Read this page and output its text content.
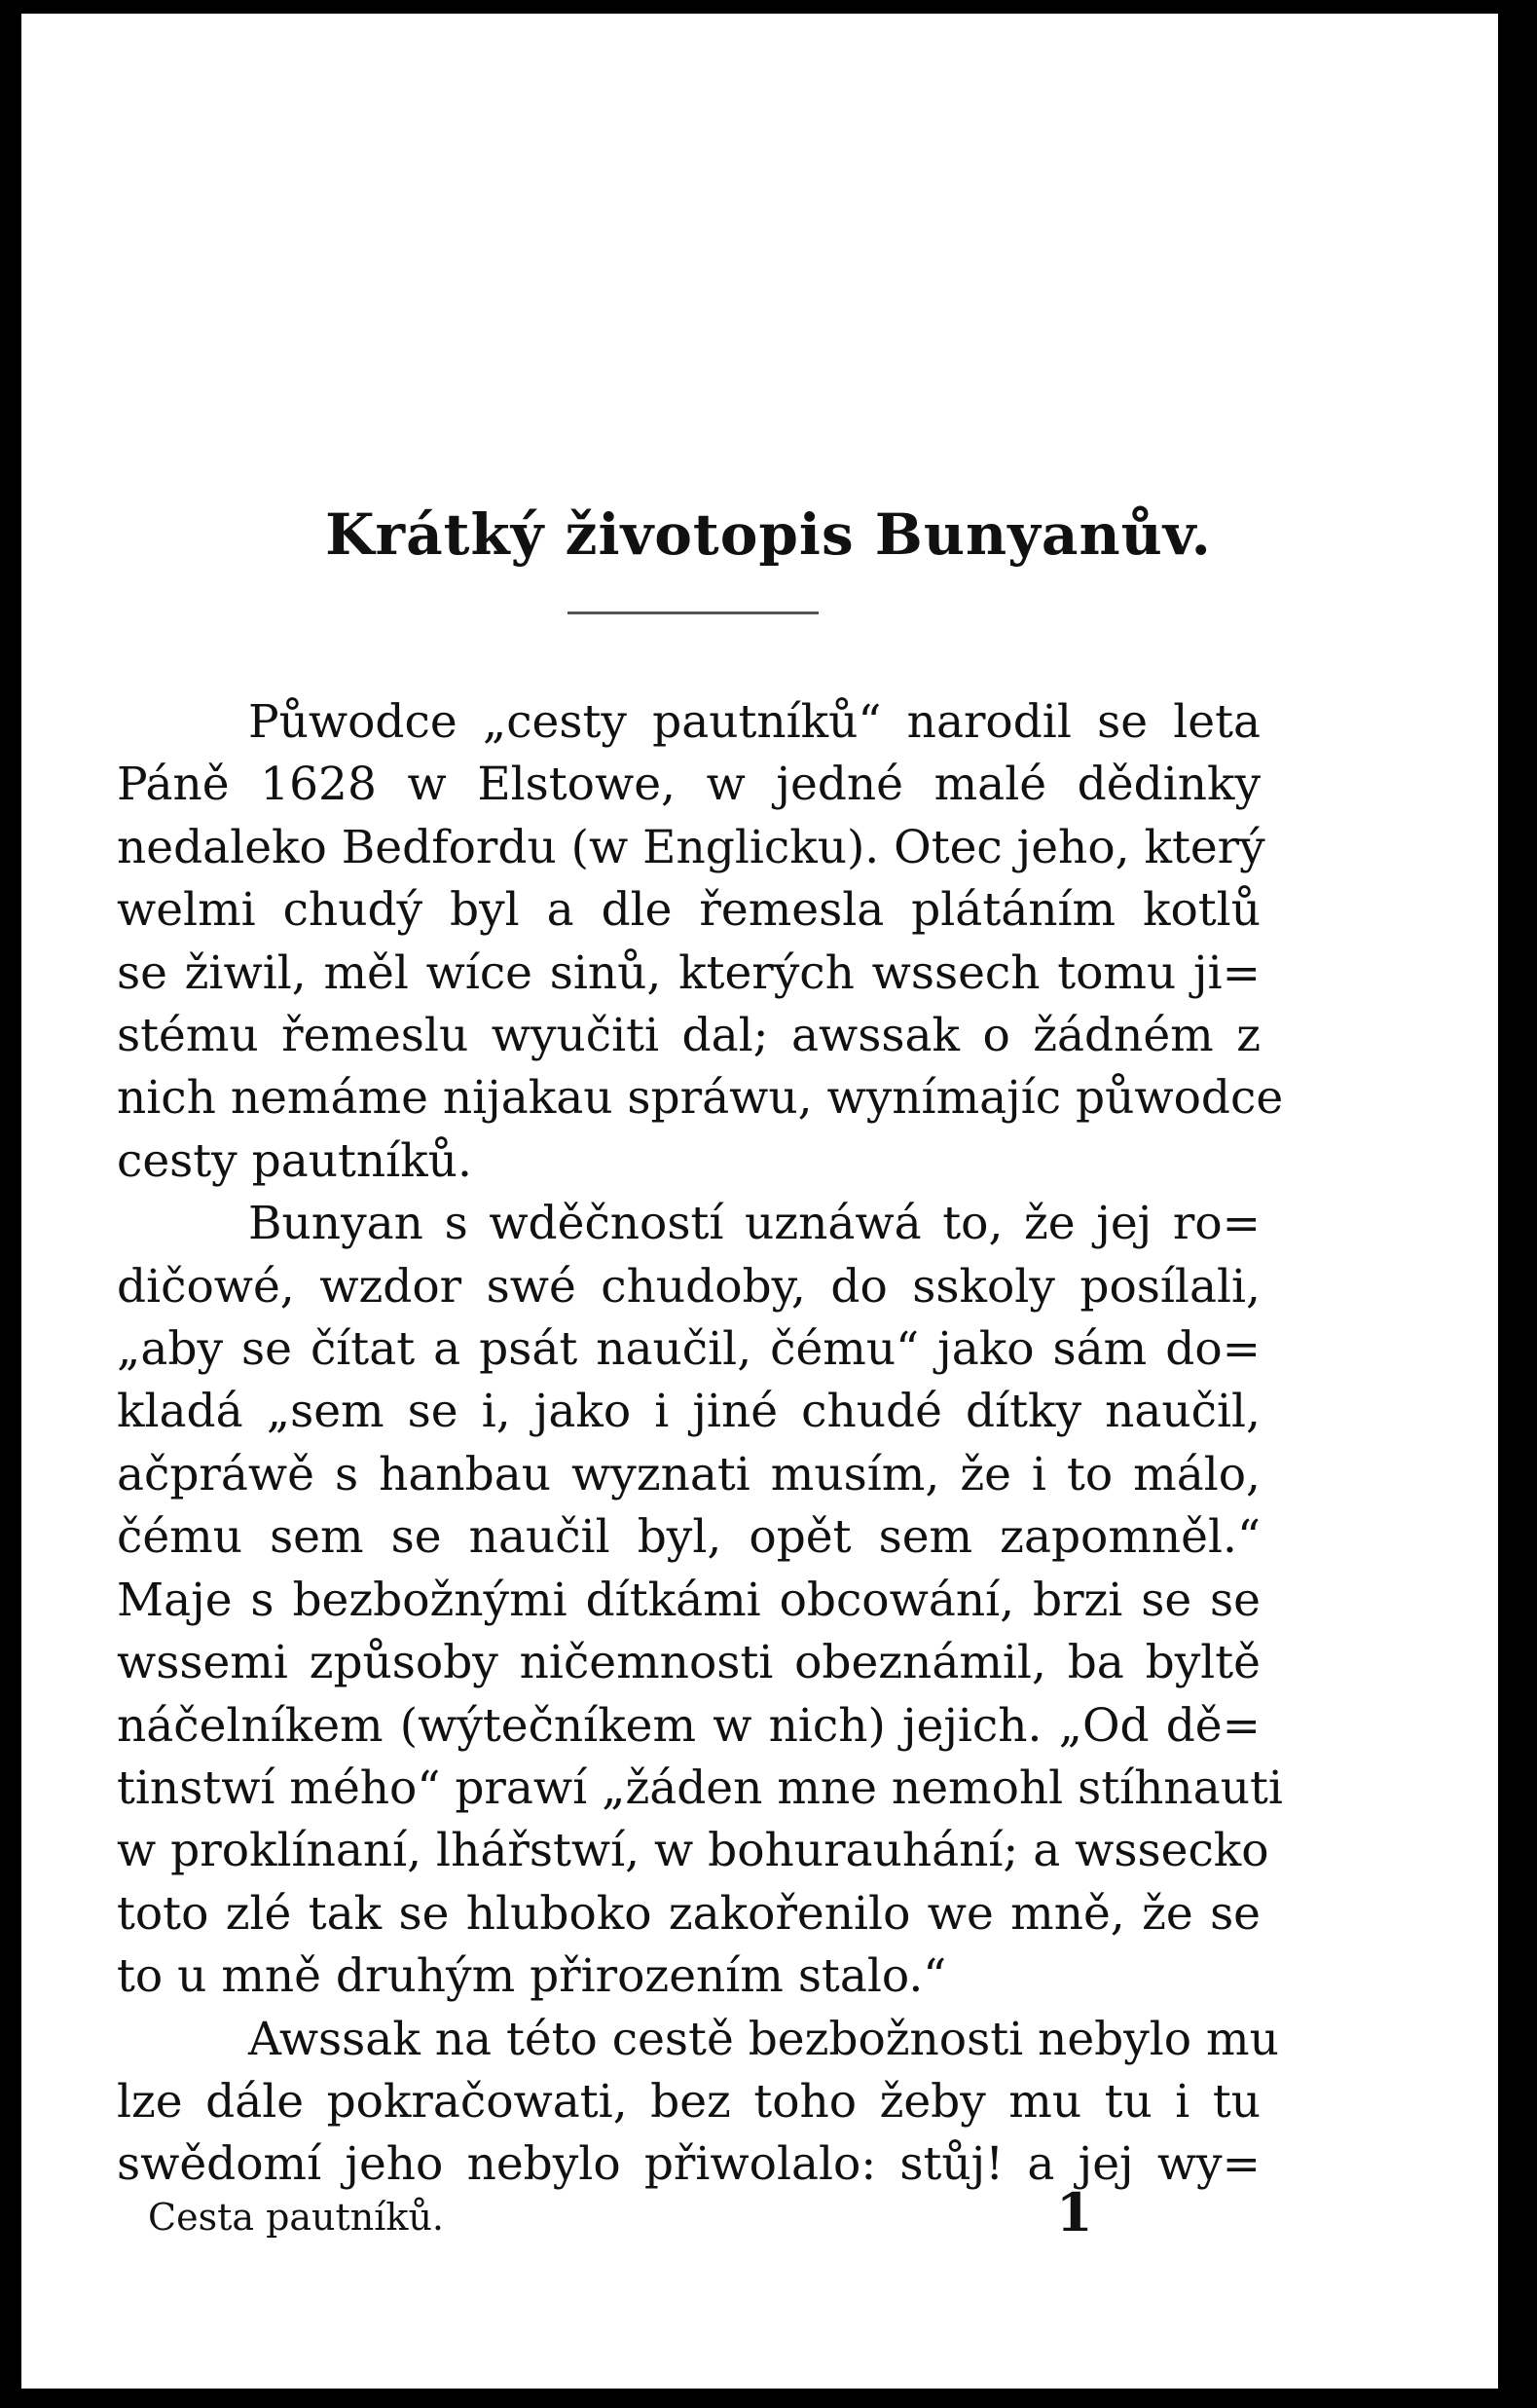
Krátký životopis Bunyanův.
Půwodce „cesty pautníků“ narodil se leta
Páně 1628 w Elstowe, w jedné malé dědinky
nedaleko Bedfordu (w Englicku). Otec jeho, který
welmi chudý byl a dle řemesla plátáním kotlů
se žiwil, měl wíce sinů, kterých wssech tomu ji=
stému řemeslu wyučiti dal; awssak o žádném z
nich nemáme nijakau spráwu, wynímajíc půwodce
cesty pautníků.
Bunyan s wděčností uznáwá to, že jej ro=
dičowé, wzdor swé chudoby, do sskoly posílali,
„aby se čítat a psát naučil, čému“ jako sám do=
kladá „sem se i, jako i jiné chudé dítky naučil,
ačpráwě s hanbau wyznati musím, že i to málo,
čému sem se naučil byl, opět sem zapomněl.“
Maje s bezbožnými dítkámi obcowání, brzi se se
wssemi způsoby ničemnosti obeznámil, ba byltě
náčelníkem (wýtečníkem w nich) jejich. „Od dě=
tinstwí mého“ prawí „žáden mne nemohl stíhnauti
w proklínaní, lhářstwí, w bohurauhání; a wssecko
toto zlé tak se hluboko zakořenilo we mně, že se
to u mně druhým přirozením stalo.“
Awssak na této cestě bezbožnosti nebylo mu
lze dále pokračowati, bez toho žeby mu tu i tu
swědomí jeho nebylo přiwolalo: stůj! a jej wy=
Cesta pautníků.	1
